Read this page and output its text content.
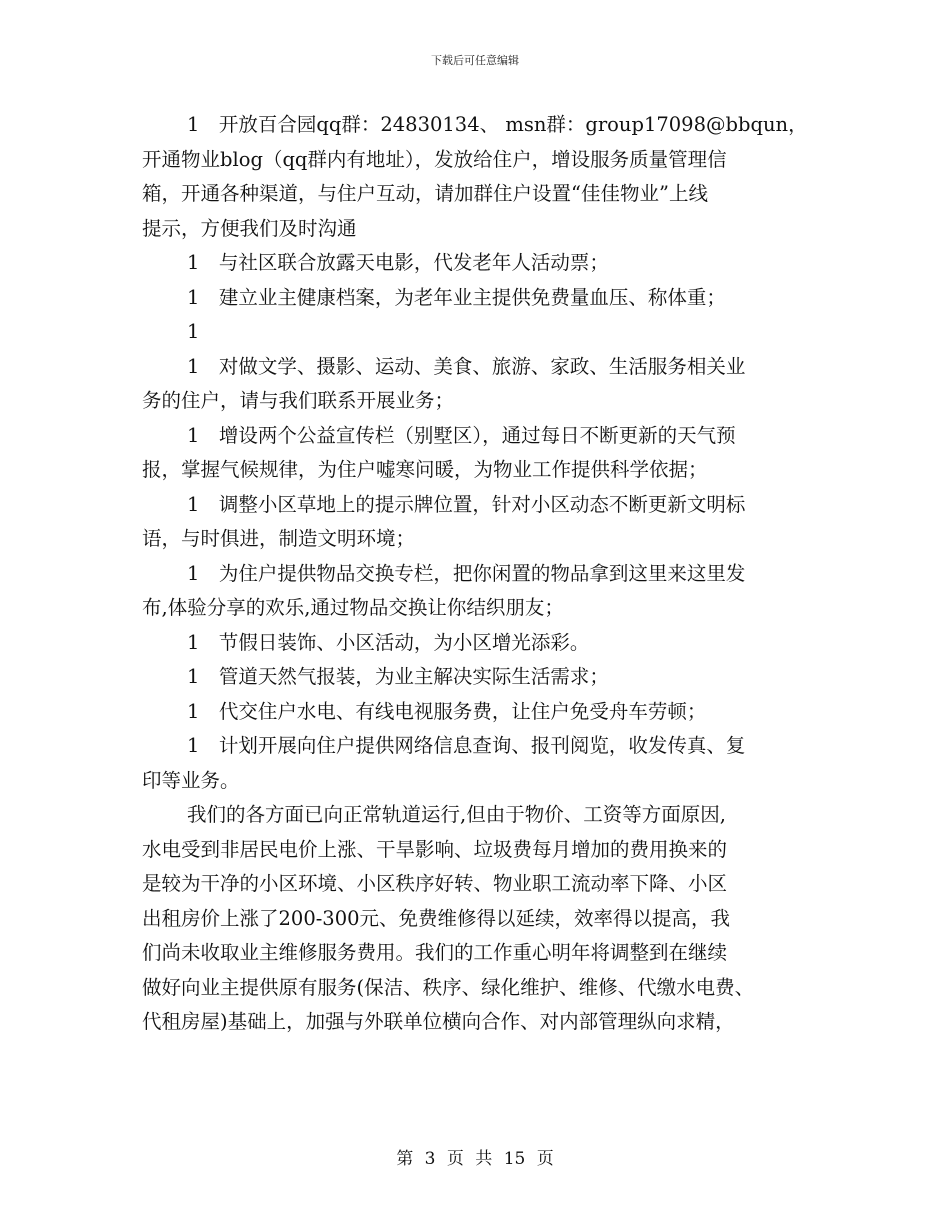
下载后可任意编辑

1　开放百合园qq群：24830134、 msn群：group17098@bbqun，
开通物业blog（qq群内有地址），发放给住户，增设服务质量管理信
箱，开通各种渠道，与住户互动，请加群住户设置“佳佳物业”上线
提示，方便我们及时沟通

1　与社区联合放露天电影，代发老年人活动票；

1　建立业主健康档案，为老年业主提供免费量血压、称体重；

1

1　对做文学、摄影、运动、美食、旅游、家政、生活服务相关业
务的住户，请与我们联系开展业务；

1　增设两个公益宣传栏（别墅区），通过每日不断更新的天气预
报，掌握气候规律，为住户嘘寒问暖，为物业工作提供科学依据；

1　调整小区草地上的提示牌位置，针对小区动态不断更新文明标
语，与时俱进，制造文明环境；

1　为住户提供物品交换专栏，把你闲置的物品拿到这里来这里发
布,体验分享的欢乐,通过物品交换让你结织朋友；

1　节假日装饰、小区活动，为小区增光添彩。

1　管道天然气报装，为业主解决实际生活需求；

1　代交住户水电、有线电视服务费，让住户免受舟车劳顿；

1　计划开展向住户提供网络信息查询、报刊阅览，收发传真、复
印等业务。

我们的各方面已向正常轨道运行,但由于物价、工资等方面原因,
水电受到非居民电价上涨、干旱影响、垃圾费每月增加的费用换来的
是较为干净的小区环境、小区秩序好转、物业职工流动率下降、小区
出租房价上涨了200-300元、免费维修得以延续，效率得以提高，我
们尚未收取业主维修服务费用。我们的工作重心明年将调整到在继续
做好向业主提供原有服务(保洁、秩序、绿化维护、维修、代缴水电费、
代租房屋)基础上，加强与外联单位横向合作、对内部管理纵向求精，

第 3 页 共 15 页
